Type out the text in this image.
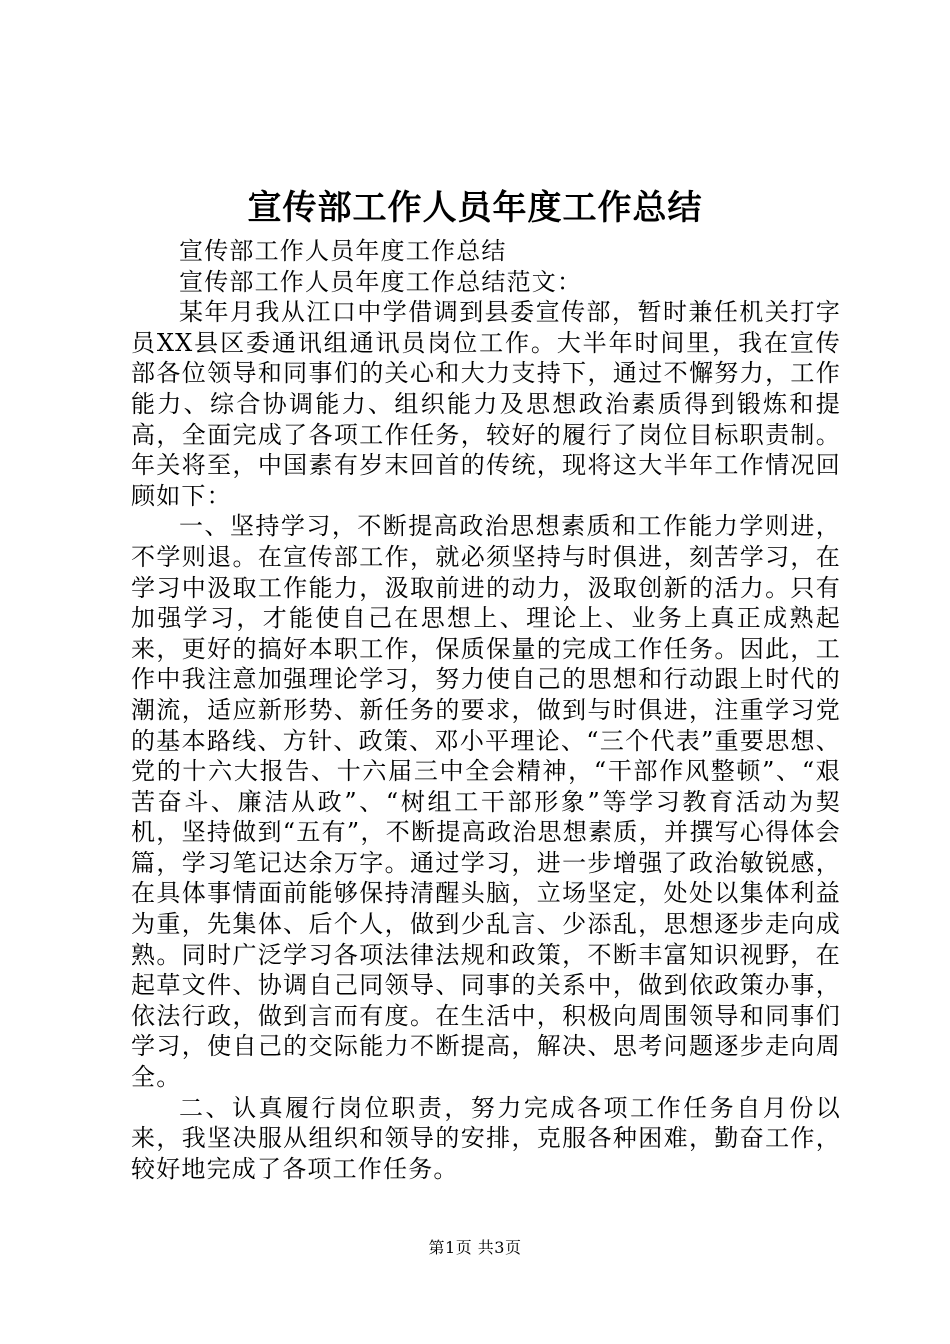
宣传部工作人员年度工作总结

宣传部工作人员年度工作总结

宣传部工作人员年度工作总结范文：

某年月我从江口中学借调到县委宣传部，暂时兼任机关打字员XX县区委通讯组通讯员岗位工作。大半年时间里，我在宣传部各位领导和同事们的关心和大力支持下，通过不懈努力，工作能力、综合协调能力、组织能力及思想政治素质得到锻炼和提高，全面完成了各项工作任务，较好的履行了岗位目标职责制。年关将至，中国素有岁末回首的传统，现将这大半年工作情况回顾如下：

一、坚持学习，不断提高政治思想素质和工作能力学则进，不学则退。在宣传部工作，就必须坚持与时俱进，刻苦学习，在学习中汲取工作能力，汲取前进的动力，汲取创新的活力。只有加强学习，才能使自己在思想上、理论上、业务上真正成熟起来，更好的搞好本职工作，保质保量的完成工作任务。因此，工作中我注意加强理论学习，努力使自己的思想和行动跟上时代的潮流，适应新形势、新任务的要求，做到与时俱进，注重学习党的基本路线、方针、政策、邓小平理论、“三个代表”重要思想、党的十六大报告、十六届三中全会精神，“干部作风整顿”、“艰苦奋斗、廉洁从政”、“树组工干部形象”等学习教育活动为契机，坚持做到“五有”，不断提高政治思想素质，并撰写心得体会篇，学习笔记达余万字。通过学习，进一步增强了政治敏锐感，在具体事情面前能够保持清醒头脑，立场坚定，处处以集体利益为重，先集体、后个人，做到少乱言、少添乱，思想逐步走向成熟。同时广泛学习各项法律法规和政策，不断丰富知识视野，在起草文件、协调自己同领导、同事的关系中，做到依政策办事，依法行政，做到言而有度。在生活中，积极向周围领导和同事们学习，使自己的交际能力不断提高，解决、思考问题逐步走向周全。

二、认真履行岗位职责，努力完成各项工作任务自月份以来，我坚决服从组织和领导的安排，克服各种困难，勤奋工作，较好地完成了各项工作任务。

第1页 共3页
